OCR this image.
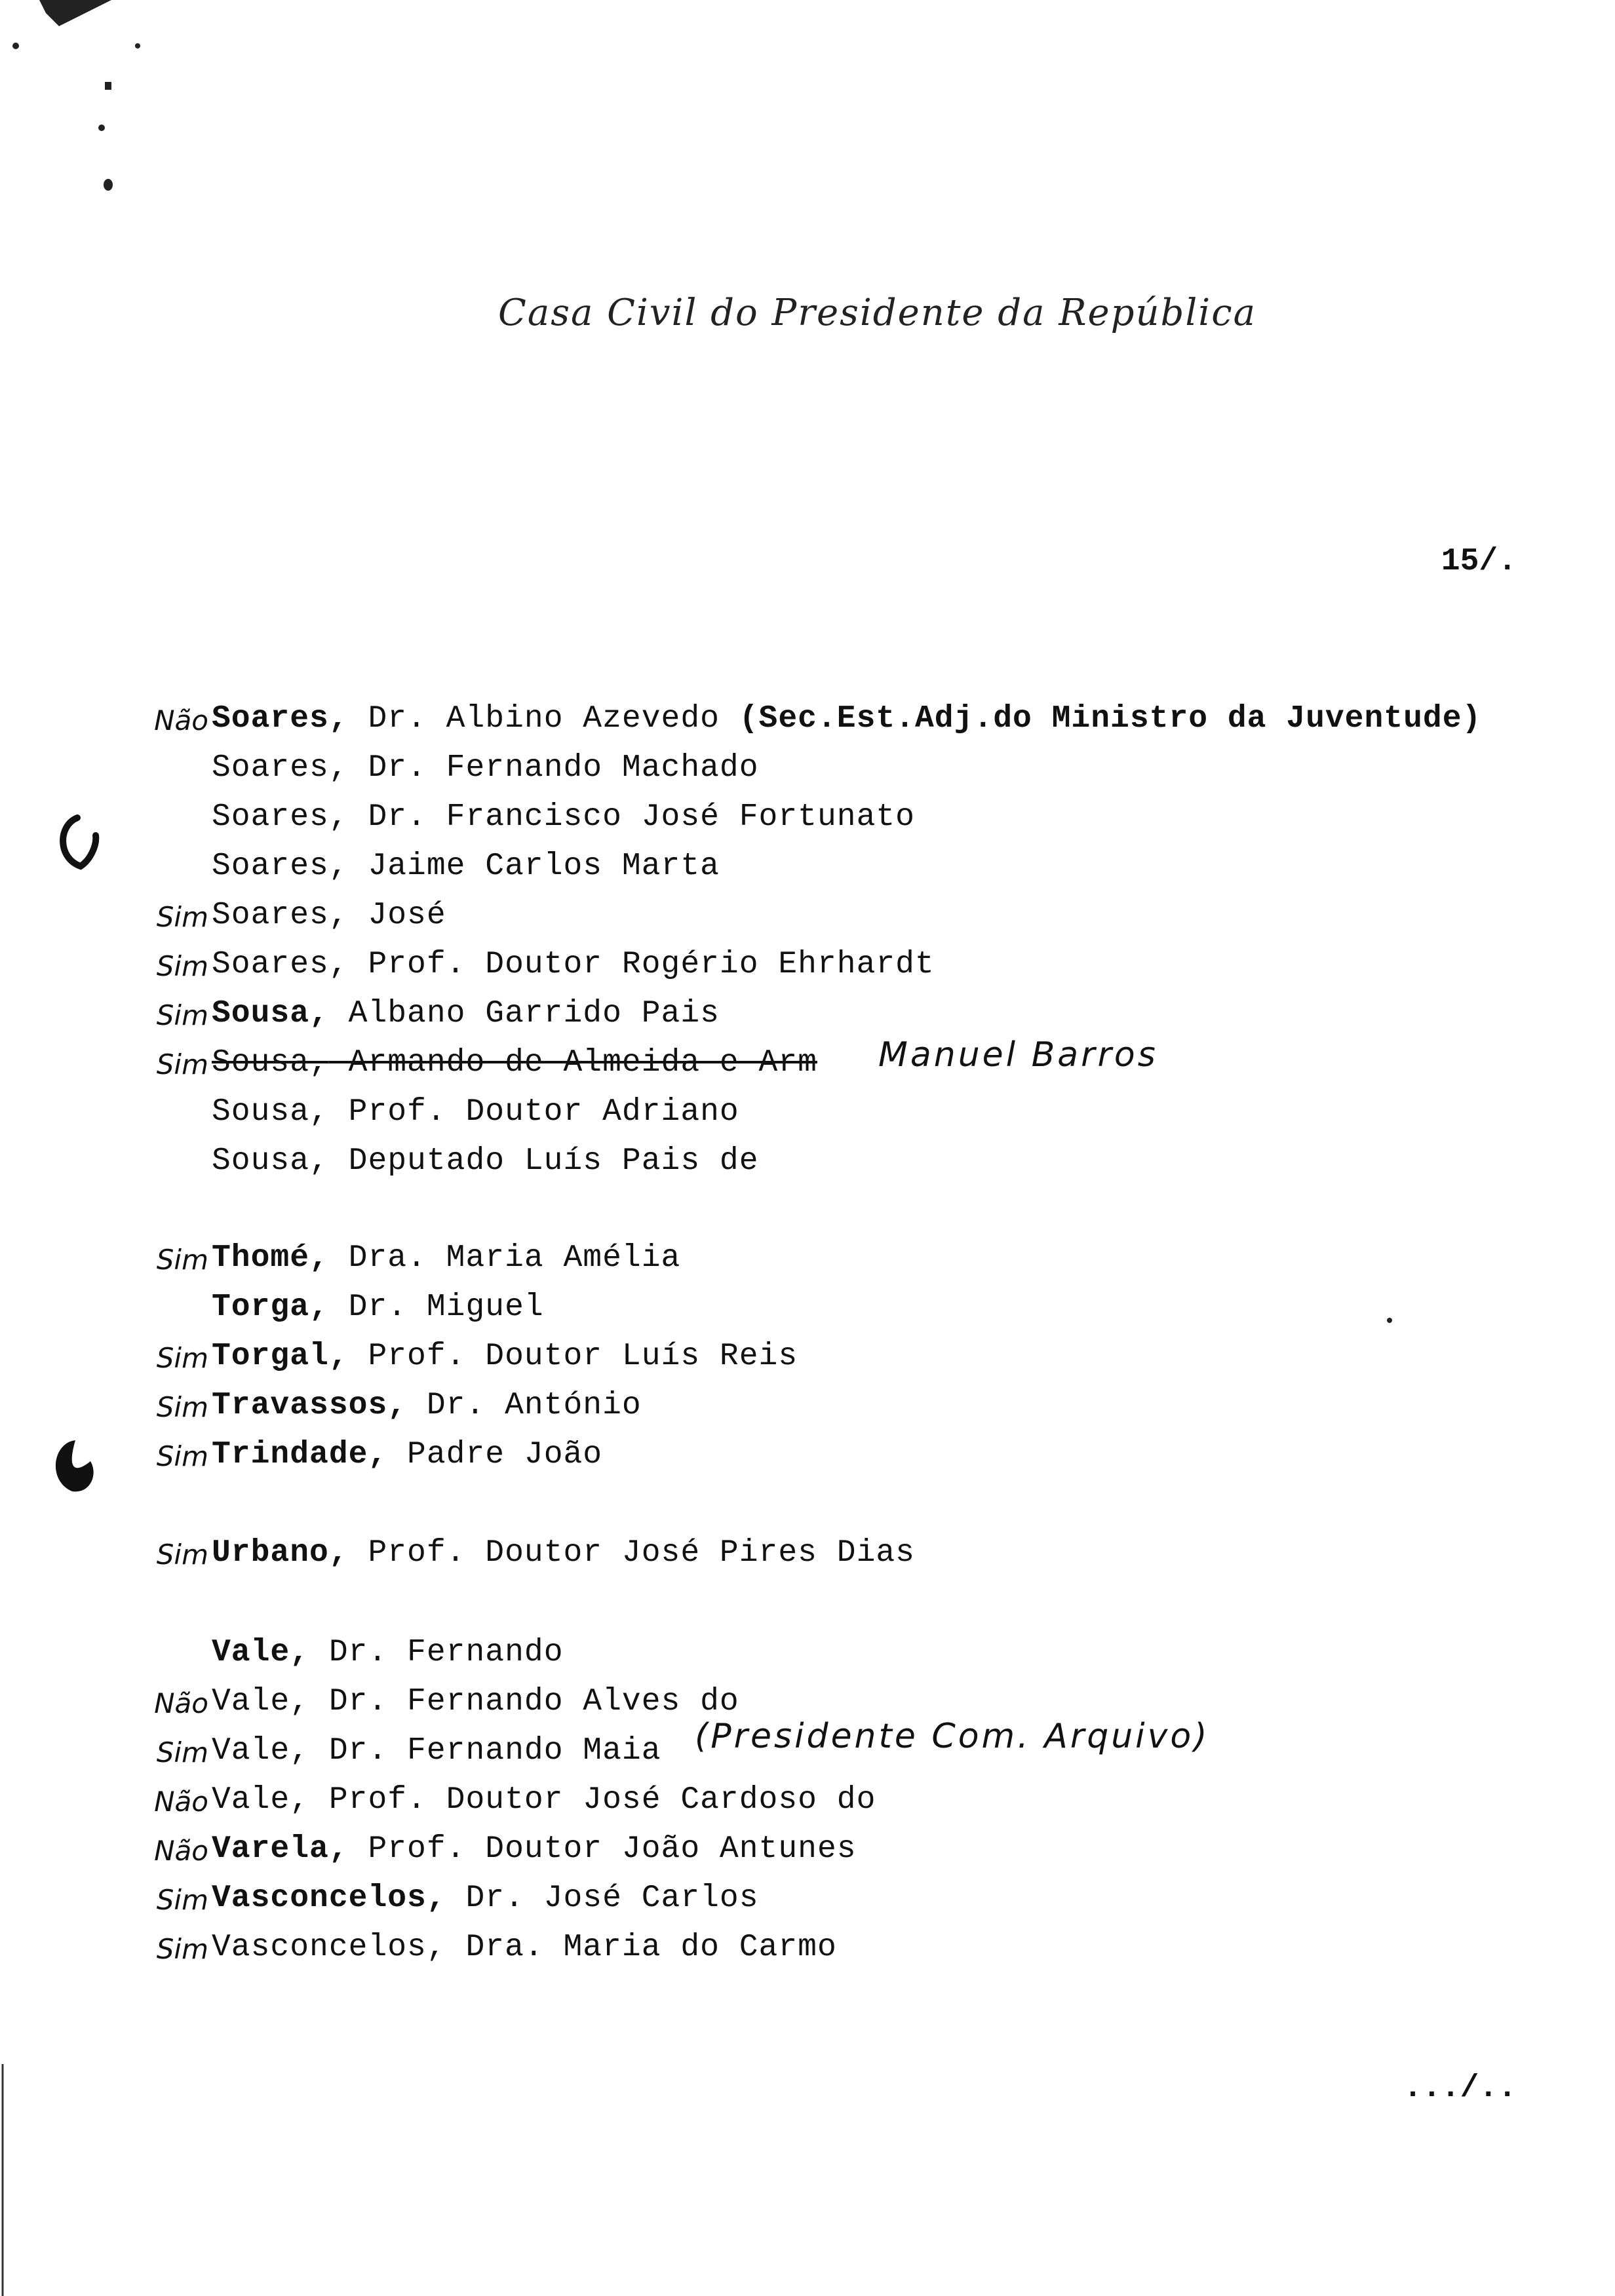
Casa Civil do Presidente da República
15/.
Não Soares, Dr. Albino Azevedo (Sec.Est.Adj.do Ministro da Juventude)
Soares, Dr. Fernando Machado
Soares, Dr. Francisco José Fortunato
Soares, Jaime Carlos Marta
Sim Soares, José
Sim Soares, Prof. Doutor Rogério Ehrhardt
Sim Sousa, Albano Garrido Pais
Sim Sousa, Armando de Almeida e Arm Manuel Barros
Sousa, Prof. Doutor Adriano
Sousa, Deputado Luís Pais de
Sim Thomé, Dra. Maria Amélia
Torga, Dr. Miguel
Sim Torgal, Prof. Doutor Luís Reis
Sim Travassos, Dr. António
Sim Trindade, Padre João
Sim Urbano, Prof. Doutor José Pires Dias
Vale, Dr. Fernando
Não Vale, Dr. Fernando Alves do
Sim Vale, Dr. Fernando Maia (Presidente Com. Arquivo)
Não Vale, Prof. Doutor José Cardoso do
Não Varela, Prof. Doutor João Antunes
Sim Vasconcelos, Dr. José Carlos
Sim Vasconcelos, Dra. Maria do Carmo
.../..
